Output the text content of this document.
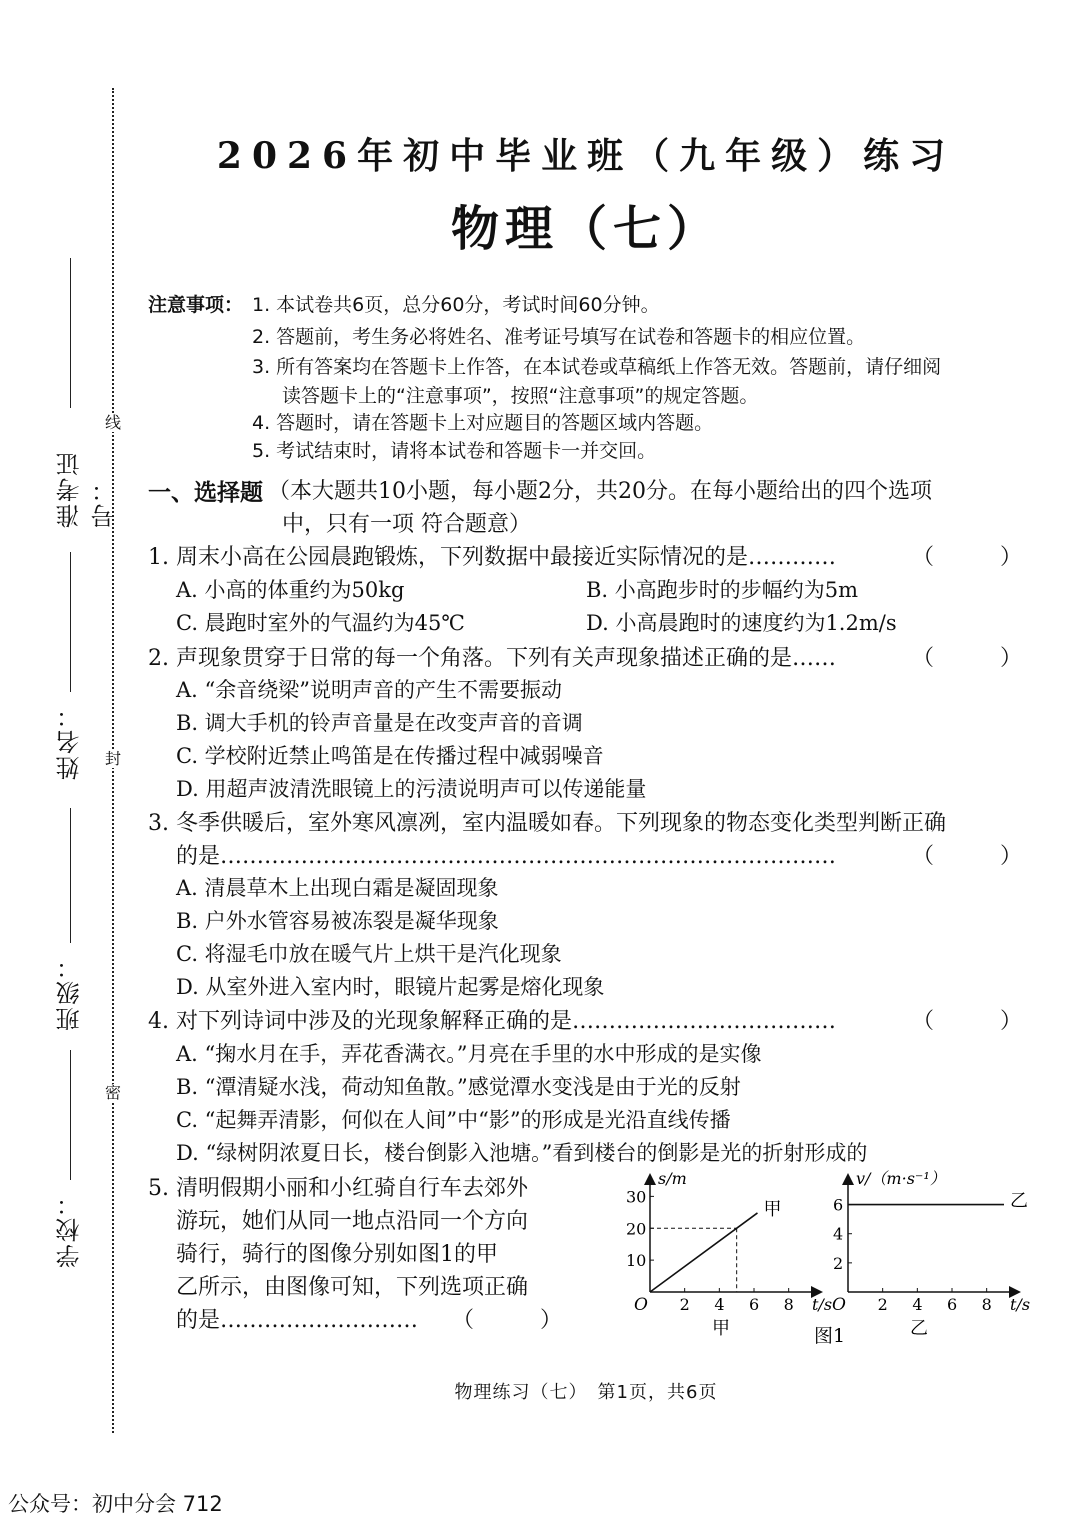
线
封
密
准考证号：
姓名：
班级：
学校：
2026年初中毕业班（九年级）练习
物理（七）
注意事项： 1. 本试卷共6页，总分60分，考试时间60分钟。
2. 答题前，考生务必将姓名、准考证号填写在试卷和答题卡的相应位置。
3. 所有答案均在答题卡上作答，在本试卷或草稿纸上作答无效。答题前，请仔细阅
读答题卡上的“注意事项”，按照“注意事项”的规定答题。
4. 答题时，请在答题卡上对应题目的答题区域内答题。
5. 考试结束时，请将本试卷和答题卡一并交回。
一、选择题 （本大题共10小题，每小题2分，共20分。在每小题给出的四个选项
中，只有一项 符合题意）
1. 周末小高在公园晨跑锻炼，下列数据中最接近实际情况的是…………	（　　　）
A. 小高的体重约为50kg	B. 小高跑步时的步幅约为5m
C. 晨跑时室外的气温约为45℃	D. 小高晨跑时的速度约为1.2m/s
2. 声现象贯穿于日常的每一个角落。下列有关声现象描述正确的是……	（　　　）
A. “余音绕梁”说明声音的产生不需要振动
B. 调大手机的铃声音量是在改变声音的音调
C. 学校附近禁止鸣笛是在传播过程中减弱噪音
D. 用超声波清洗眼镜上的污渍说明声可以传递能量
3. 冬季供暖后，室外寒风凛冽，室内温暖如春。下列现象的物态变化类型判断正确
的是…………………………………………………………………………	（　　　）
A. 清晨草木上出现白霜是凝固现象
B. 户外水管容易被冻裂是凝华现象
C. 将湿毛巾放在暖气片上烘干是汽化现象
D. 从室外进入室内时，眼镜片起雾是熔化现象
4. 对下列诗词中涉及的光现象解释正确的是………………………………	（　　　）
A. “掬水月在手，弄花香满衣。”月亮在手里的水中形成的是实像
B. “潭清疑水浅，荷动知鱼散。”感觉潭水变浅是由于光的反射
C. “起舞弄清影，何似在人间”中“影”的形成是光沿直线传播
D. “绿树阴浓夏日长，楼台倒影入池塘。”看到楼台的倒影是光的折射形成的
5. 清明假期小丽和小红骑自行车去郊外
游玩，她们从同一地点沿同一个方向
骑行，骑行的图像分别如图1的甲
乙所示，由图像可知，下列选项正确
的是……………………… （　　　）
O 2 4 6 8
10
20
30
t/s
s/m
甲
甲
O 2 4 6 8
2
4
6
t/s
v/（m·s⁻¹）
乙
乙
图1
物理练习（七）　第1页，共6页
公众号：初中分会 712
